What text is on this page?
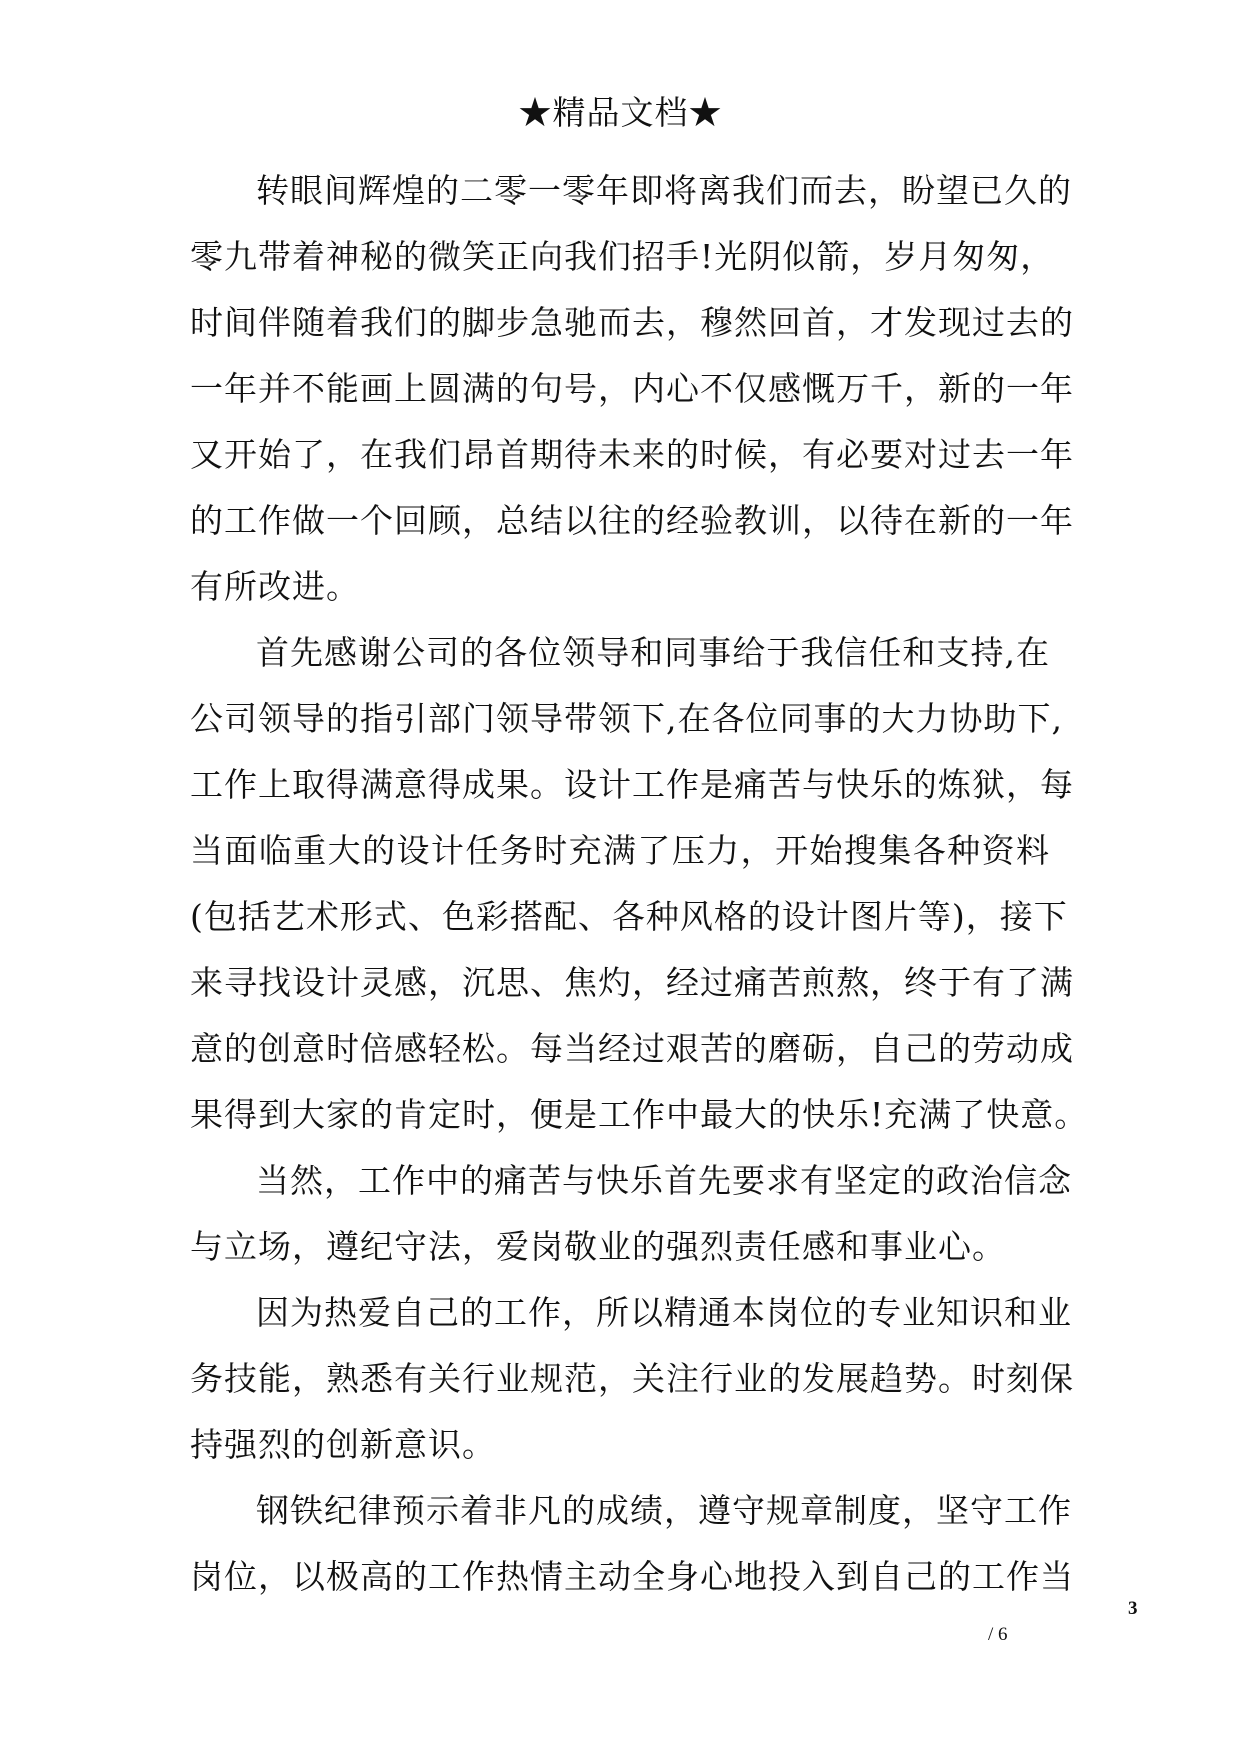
★精品文档★
转眼间辉煌的二零一零年即将离我们而去，盼望已久的
零九带着神秘的微笑正向我们招手!光阴似箭，岁月匆匆，
时间伴随着我们的脚步急驰而去，穆然回首，才发现过去的
一年并不能画上圆满的句号，内心不仅感慨万千，新的一年
又开始了，在我们昂首期待未来的时候，有必要对过去一年
的工作做一个回顾，总结以往的经验教训，以待在新的一年
有所改进。
首先感谢公司的各位领导和同事给于我信任和支持,在
公司领导的指引部门领导带领下,在各位同事的大力协助下,
工作上取得满意得成果。设计工作是痛苦与快乐的炼狱，每
当面临重大的设计任务时充满了压力，开始搜集各种资料
(包括艺术形式、色彩搭配、各种风格的设计图片等)，接下
来寻找设计灵感，沉思、焦灼，经过痛苦煎熬，终于有了满
意的创意时倍感轻松。每当经过艰苦的磨砺，自己的劳动成
果得到大家的肯定时，便是工作中最大的快乐!充满了快意。
当然，工作中的痛苦与快乐首先要求有坚定的政治信念
与立场，遵纪守法，爱岗敬业的强烈责任感和事业心。
因为热爱自己的工作，所以精通本岗位的专业知识和业
务技能，熟悉有关行业规范，关注行业的发展趋势。时刻保
持强烈的创新意识。
钢铁纪律预示着非凡的成绩，遵守规章制度，坚守工作
岗位，以极高的工作热情主动全身心地投入到自己的工作当
3
/ 6
